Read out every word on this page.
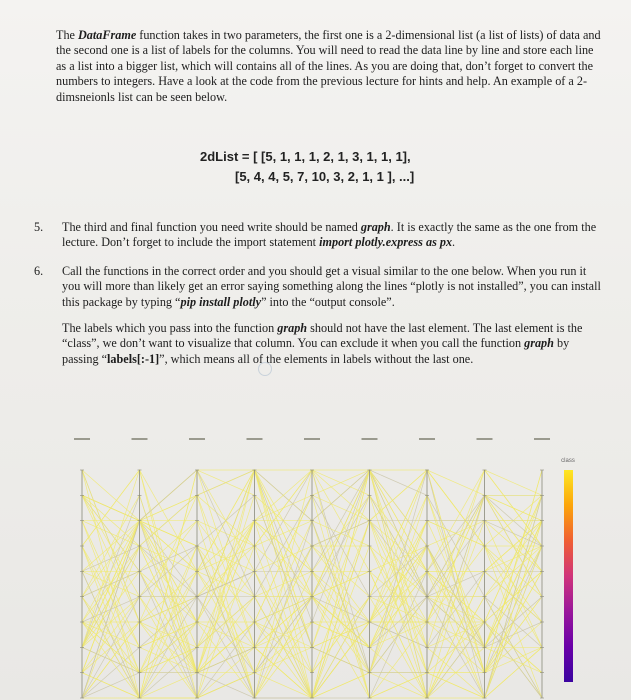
The DataFrame function takes in two parameters, the first one is a 2-dimensional list (a list of lists) of data and the second one is a list of labels for the columns. You will need to read the data line by line and store each line as a list into a bigger list, which will contains all of the lines. As you are doing that, don’t forget to convert the numbers to integers. Have a look at the code from the previous lecture for hints and help. An example of a 2-dimsneionls list can be seen below.

2dList = [ [5, 1, 1, 1, 2, 1, 3, 1, 1, 1],
[5, 4, 4, 5, 7, 10, 3, 2, 1, 1 ], ...]
5.	The third and final function you need write should be named graph. It is exactly the same as the one from the lecture. Don’t forget to include the import statement import plotly.express as px.
6.	Call the functions in the correct order and you should get a visual similar to the one below. When you run it you will more than likely get an error saying something along the lines “plotly is not installed”, you can install this package by typing “pip install plotly” into the “output console”.
The labels which you pass into the function graph should not have the last element. The last element is the “class”, we don’t want to visualize that column. You can exclude it when you call the function graph by passing “labels[:-1]”, which means all of the elements in labels without the last one.
class
